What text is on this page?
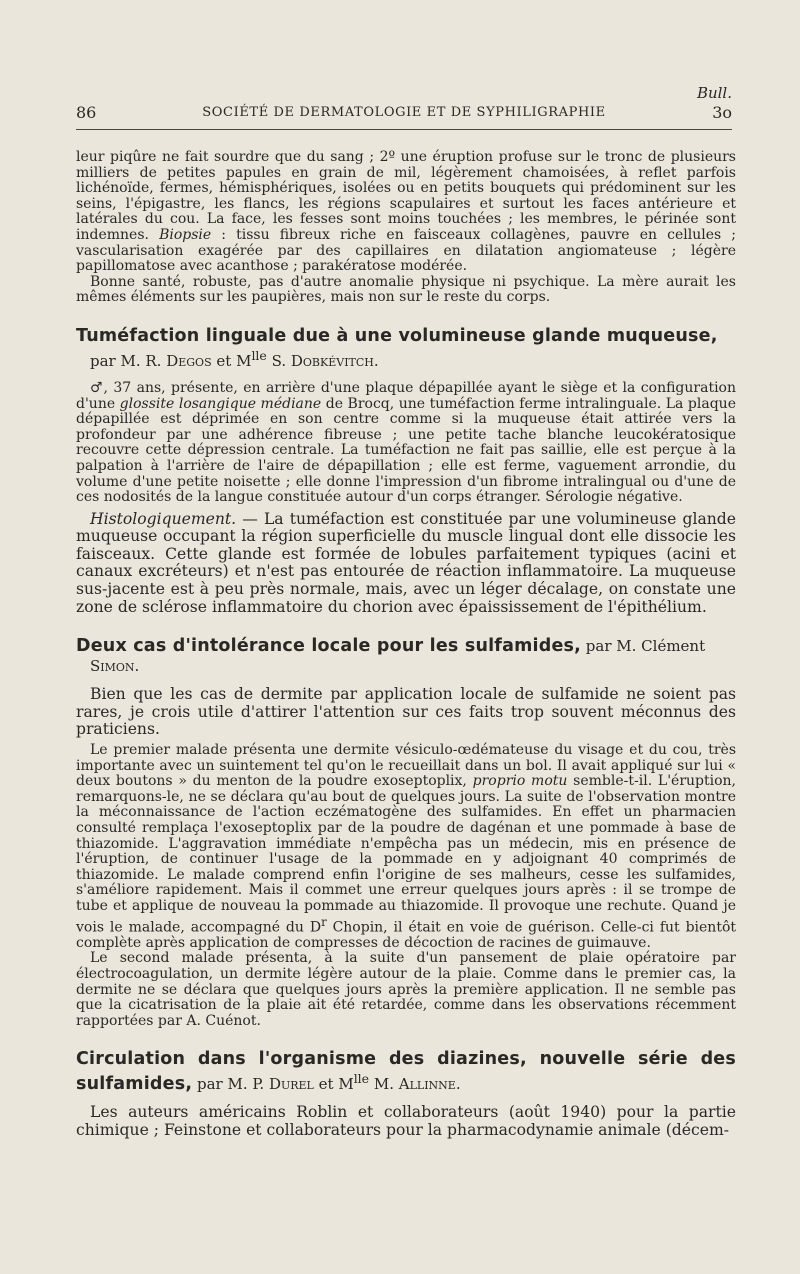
Bull.
86	SOCIÉTÉ DE DERMATOLOGIE ET DE SYPHILIGRAPHIE	3o

leur piqûre ne fait sourdre que du sang ; 2º une éruption profuse sur le tronc de plusieurs milliers de petites papules en grain de mil, légèrement chamoisées, à reflet parfois lichénoïde, fermes, hémisphériques, isolées ou en petits bouquets qui prédominent sur les seins, l'épigastre, les flancs, les régions scapulaires et surtout les faces antérieure et latérales du cou. La face, les fesses sont moins touchées ; les membres, le périnée sont indemnes. Biopsie : tissu fibreux riche en faisceaux collagènes, pauvre en cellules ; vascularisation exagérée par des capillaires en dilatation angiomateuse ; légère papillomatose avec acanthose ; parakératose modérée.

Bonne santé, robuste, pas d'autre anomalie physique ni psychique. La mère aurait les mêmes éléments sur les paupières, mais non sur le reste du corps.

Tuméfaction linguale due à une volumineuse glande muqueuse,
par M. R. Degos et $M^{lle}$ S. Dobkévitch.

♂, 37 ans, présente, en arrière d'une plaque dépapillée ayant le siège et la configuration d'une glossite losangique médiane de Brocq, une tuméfaction ferme intralinguale. La plaque dépapillée est déprimée en son centre comme si la muqueuse était attirée vers la profondeur par une adhérence fibreuse ; une petite tache blanche leucokératosique recouvre cette dépression centrale. La tuméfaction ne fait pas saillie, elle est perçue à la palpation à l'arrière de l'aire de dépapillation ; elle est ferme, vaguement arrondie, du volume d'une petite noisette ; elle donne l'impression d'un fibrome intralingual ou d'une de ces nodosités de la langue constituée autour d'un corps étranger. Sérologie négative.

Histologiquement. — La tuméfaction est constituée par une volumineuse glande muqueuse occupant la région superficielle du muscle lingual dont elle dissocie les faisceaux. Cette glande est formée de lobules parfaitement typiques (acini et canaux excréteurs) et n'est pas entourée de réaction inflammatoire. La muqueuse sus-jacente est à peu près normale, mais, avec un léger décalage, on constate une zone de sclérose inflammatoire du chorion avec épaississement de l'épithélium.

Deux cas d'intolérance locale pour les sulfamides, par M. Clément
Simon.

Bien que les cas de dermite par application locale de sulfamide ne soient pas rares, je crois utile d'attirer l'attention sur ces faits trop souvent méconnus des praticiens.

Le premier malade présenta une dermite vésiculo-œdémateuse du visage et du cou, très importante avec un suintement tel qu'on le recueillait dans un bol. Il avait appliqué sur lui « deux boutons » du menton de la poudre exoseptoplix, proprio motu semble-t-il. L'éruption, remarquons-le, ne se déclara qu'au bout de quelques jours. La suite de l'observation montre la méconnaissance de l'action eczématogène des sulfamides. En effet un pharmacien consulté remplaça l'exoseptoplix par de la poudre de dagénan et une pommade à base de thiazomide. L'aggravation immédiate n'empêcha pas un médecin, mis en présence de l'éruption, de continuer l'usage de la pommade en y adjoignant 40 comprimés de thiazomide. Le malade comprend enfin l'origine de ses malheurs, cesse les sulfamides, s'améliore rapidement. Mais il commet une erreur quelques jours après : il se trompe de tube et applique de nouveau la pommade au thiazomide. Il provoque une rechute. Quand je vois le malade, accompagné du $D^r$ Chopin, il était en voie de guérison. Celle-ci fut bientôt complète après application de compresses de décoction de racines de guimauve.

Le second malade présenta, à la suite d'un pansement de plaie opératoire par électrocoagulation, un dermite légère autour de la plaie. Comme dans le premier cas, la dermite ne se déclara que quelques jours après la première application. Il ne semble pas que la cicatrisation de la plaie ait été retardée, comme dans les observations récemment rapportées par A. Cuénot.

Circulation dans l'organisme des diazines, nouvelle série des sulfamides, par M. P. Durel et $M^{lle}$ M. Allinne.

Les auteurs américains Roblin et collaborateurs (août 1940) pour la partie chimique ; Feinstone et collaborateurs pour la pharmacodynamie animale (décem-
